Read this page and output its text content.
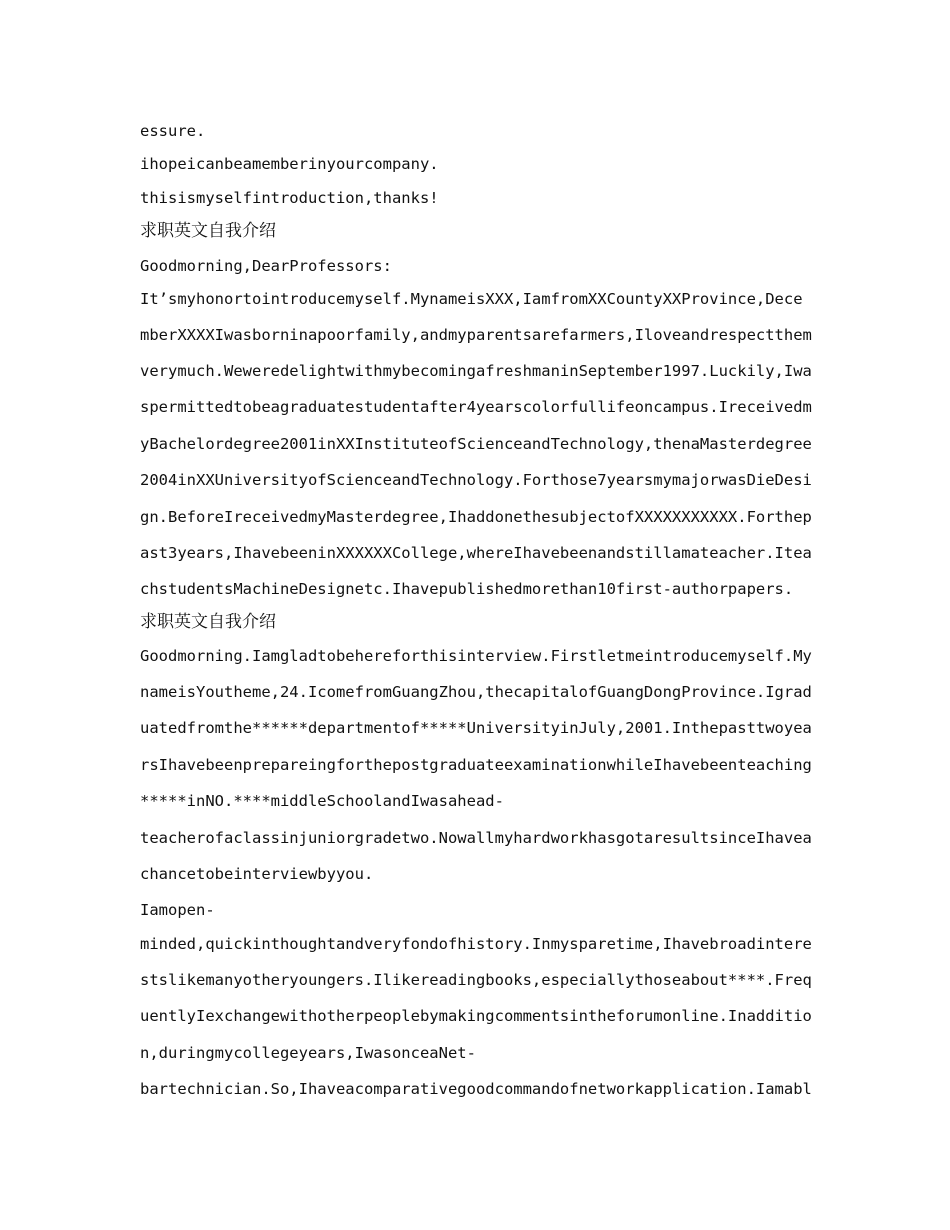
essure.

ihopeicanbeamemberinyourcompany.

thisismyselfintroduction,thanks!

求职英文自我介绍

Goodmorning,DearProfessors:

It’smyhonortointroducemyself.MynameisXXX,IamfromXXCountyXXProvince,Dece

mberXXXXIwasborninapoorfamily,andmyparentsarefarmers,Iloveandrespectthem

verymuch.WeweredelightwithmybecomingafreshmaninSeptember1997.Luckily,Iwa

spermittedtobeagraduatestudentafter4yearscolorfullifeoncampus.Ireceivedm

yBachelordegree2001inXXInstituteofScienceandTechnology,thenaMasterdegree

2004inXXUniversityofScienceandTechnology.Forthose7yearsmymajorwasDieDesi

gn.BeforeIreceivedmyMasterdegree,IhaddonethesubjectofXXXXXXXXXXX.Forthep

ast3years,IhavebeeninXXXXXXCollege,whereIhavebeenandstillamateacher.Itea

chstudentsMachineDesignetc.Ihavepublishedmorethan10first-authorpapers.

求职英文自我介绍

Goodmorning.Iamgladtobehereforthisinterview.Firstletmeintroducemyself.My

nameisYoutheme,24.IcomefromGuangZhou,thecapitalofGuangDongProvince.Igrad

uatedfromthe******departmentof*****UniversityinJuly,2001.Inthepasttwoyea

rsIhavebeenprepareingforthepostgraduateexaminationwhileIhavebeenteaching

*****inNO.****middleSchoolandIwasahead-

teacherofaclassinjuniorgradetwo.NowallmyhardworkhasgotaresultsinceIhavea

chancetobeinterviewbyyou.

Iamopen-

minded,quickinthoughtandveryfondofhistory.Inmysparetime,Ihavebroadintere

stslikemanyotheryoungers.Ilikereadingbooks,especiallythoseabout****.Freq

uentlyIexchangewithotherpeoplebymakingcommentsintheforumonline.Inadditio

n,duringmycollegeyears,IwasonceaNet-

bartechnician.So,Ihaveacomparativegoodcommandofnetworkapplication.Iamabl
